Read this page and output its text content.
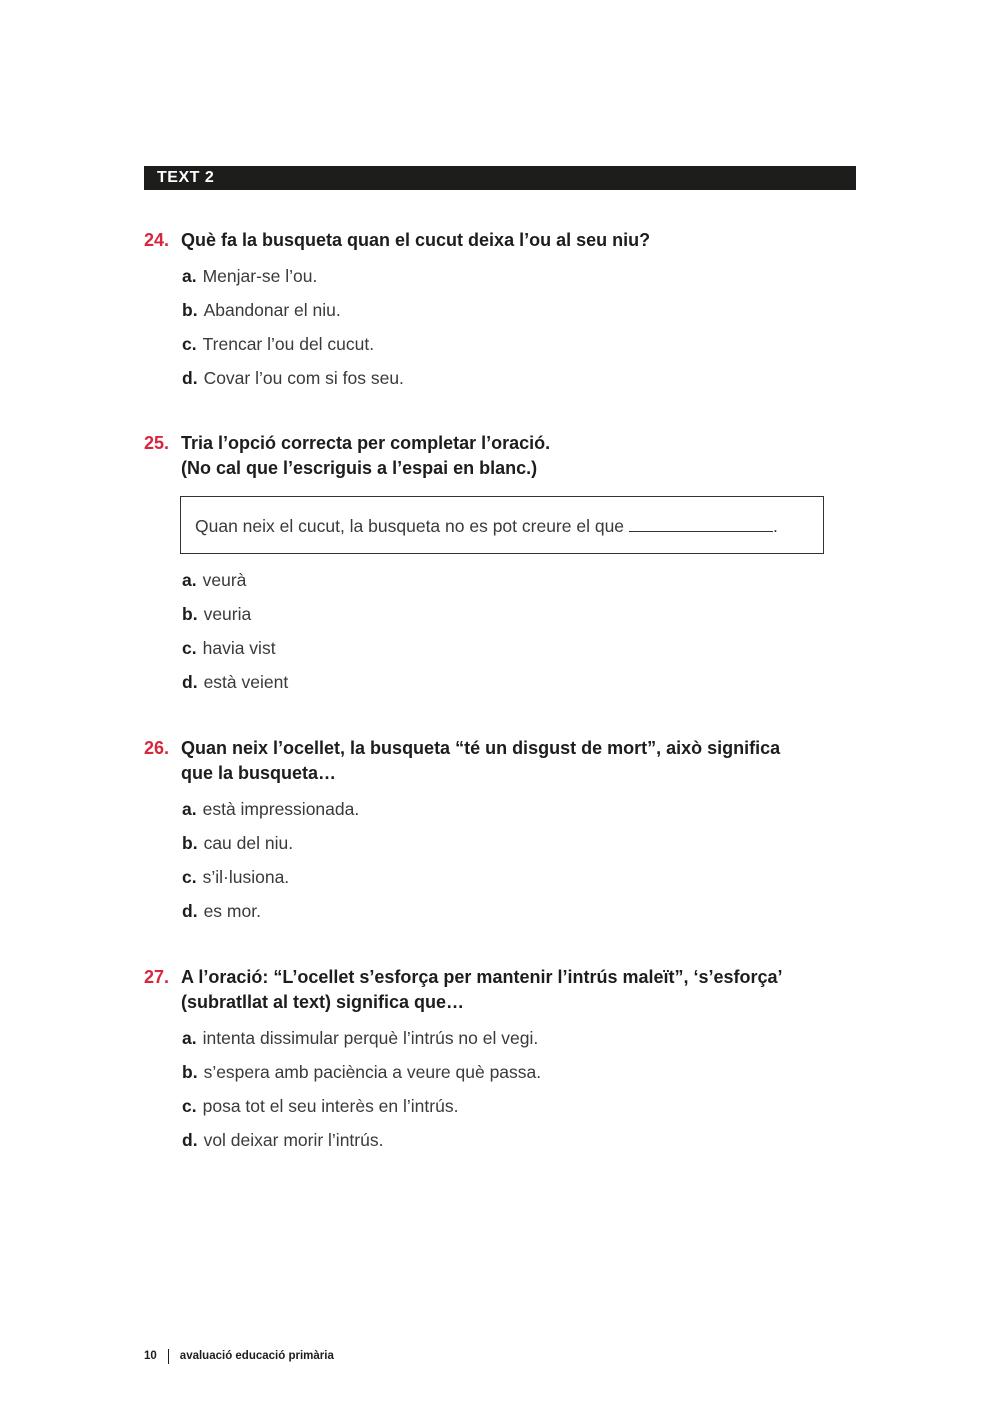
TEXT 2
24. Què fa la busqueta quan el cucut deixa l’ou al seu niu?
a. Menjar-se l’ou.
b. Abandonar el niu.
c. Trencar l’ou del cucut.
d. Covar l’ou com si fos seu.
25. Tria l’opció correcta per completar l’oració.
(No cal que l’escriguis a l’espai en blanc.)
Quan neix el cucut, la busqueta no es pot creure el que	.
a. veurà
b. veuria
c. havia vist
d. està veient
26. Quan neix l’ocellet, la busqueta “té un disgust de mort”, això significa
que la busqueta…
a. està impressionada.
b. cau del niu.
c. s’il·lusiona.
d. es mor.
27. A l’oració: “L’ocellet s’esforça per mantenir l’intrús maleït”, ‘s’esforça’
(subratllat al text) significa que…
a. intenta dissimular perquè l’intrús no el vegi.
b. s’espera amb paciència a veure què passa.
c. posa tot el seu interès en l’intrús.
d. vol deixar morir l’intrús.
10 avaluació educació primària
